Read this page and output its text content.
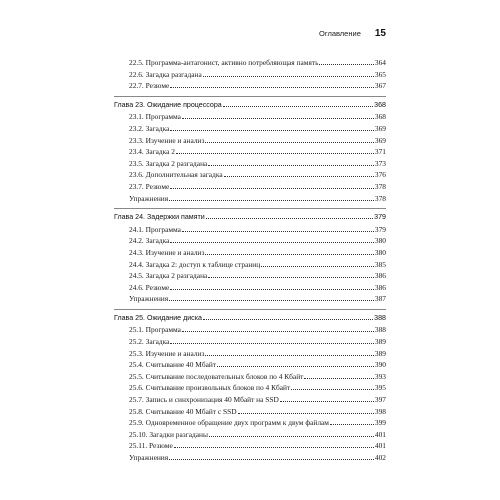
Оглавление 15
22.5. Программа-антагонист, активно потребляющая память	364
22.6. Загадка разгадана	365
22.7. Резюме	367
Глава 23. Ожидание процессора	368
23.1. Программа	368
23.2. Загадка	369
23.3. Изучение и анализ	369
23.4. Загадка 2	371
23.5. Загадка 2 разгадана	373
23.6. Дополнительная загадка	376
23.7. Резюме	378
Упражнения	378
Глава 24. Задержки памяти	379
24.1. Программа	379
24.2. Загадка	380
24.3. Изучение и анализ	380
24.4. Загадка 2: доступ к таблице страниц	385
24.5. Загадка 2 разгадана	386
24.6. Резюме	386
Упражнения	387
Глава 25. Ожидание диска	388
25.1. Программа	388
25.2. Загадка	389
25.3. Изучение и анализ	389
25.4. Считывание 40 Мбайт	390
25.5. Считывание последовательных блоков по 4 Кбайт	393
25.6. Считывание произвольных блоков по 4 Кбайт	395
25.7. Запись и синхронизация 40 Мбайт на SSD	397
25.8. Считывание 40 Мбайт с SSD	398
25.9. Одновременное обращение двух программ к двум файлам	399
25.10. Загадки разгаданы	401
25.11. Резюме	401
Упражнения	402
